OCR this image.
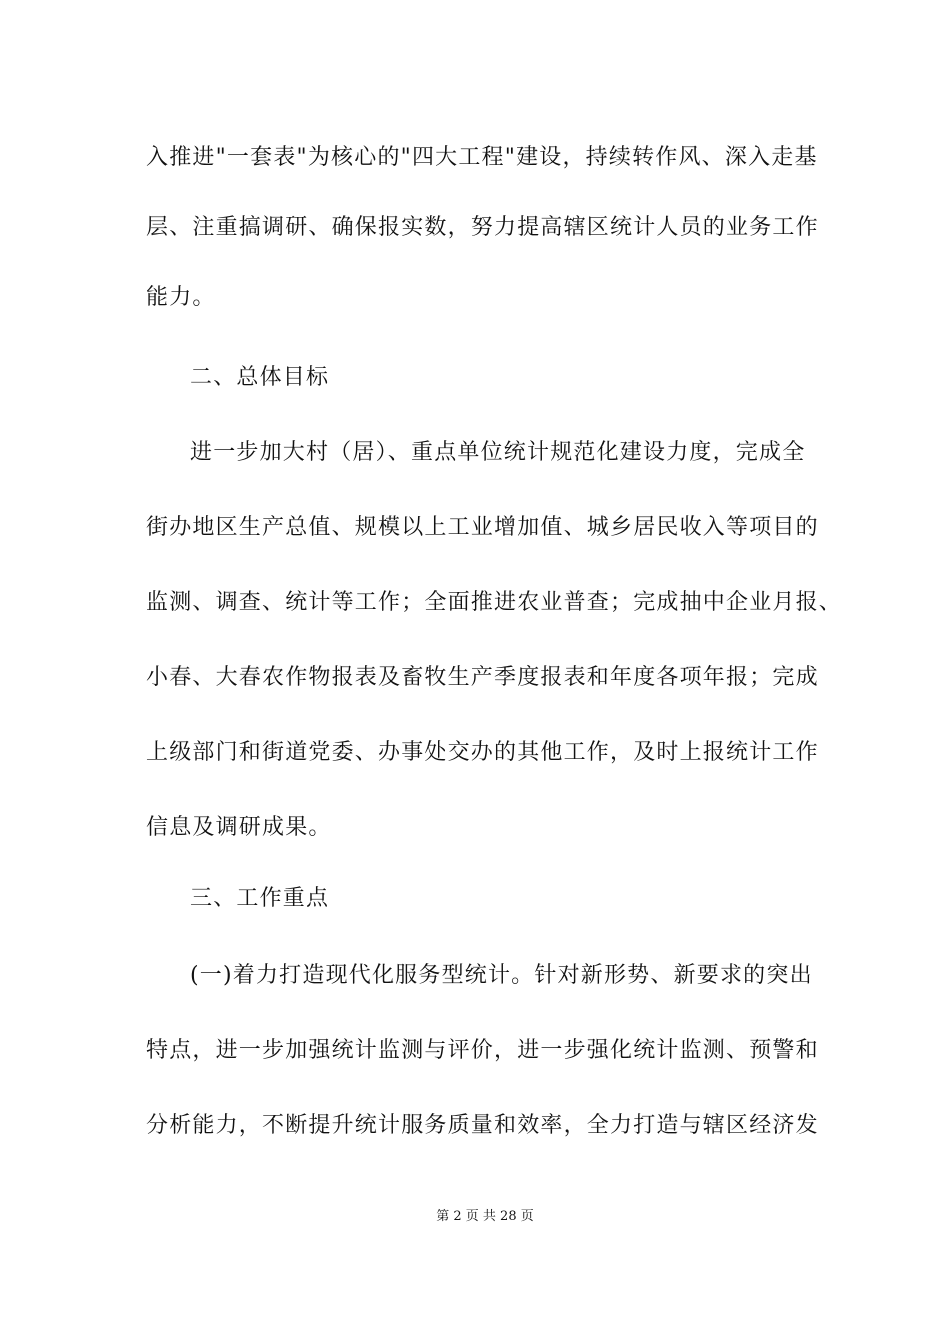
入推进"一套表"为核心的"四大工程"建设，持续转作风、深入走基
层、注重搞调研、确保报实数，努力提高辖区统计人员的业务工作
能力。
二、总体目标
进一步加大村（居）、重点单位统计规范化建设力度，完成全
街办地区生产总值、规模以上工业增加值、城乡居民收入等项目的
监测、调查、统计等工作；全面推进农业普查；完成抽中企业月报、
小春、大春农作物报表及畜牧生产季度报表和年度各项年报；完成
上级部门和街道党委、办事处交办的其他工作，及时上报统计工作
信息及调研成果。
三、工作重点
(一)着力打造现代化服务型统计。针对新形势、新要求的突出
特点，进一步加强统计监测与评价，进一步强化统计监测、预警和
分析能力，不断提升统计服务质量和效率，全力打造与辖区经济发
第 2 页 共 28 页
